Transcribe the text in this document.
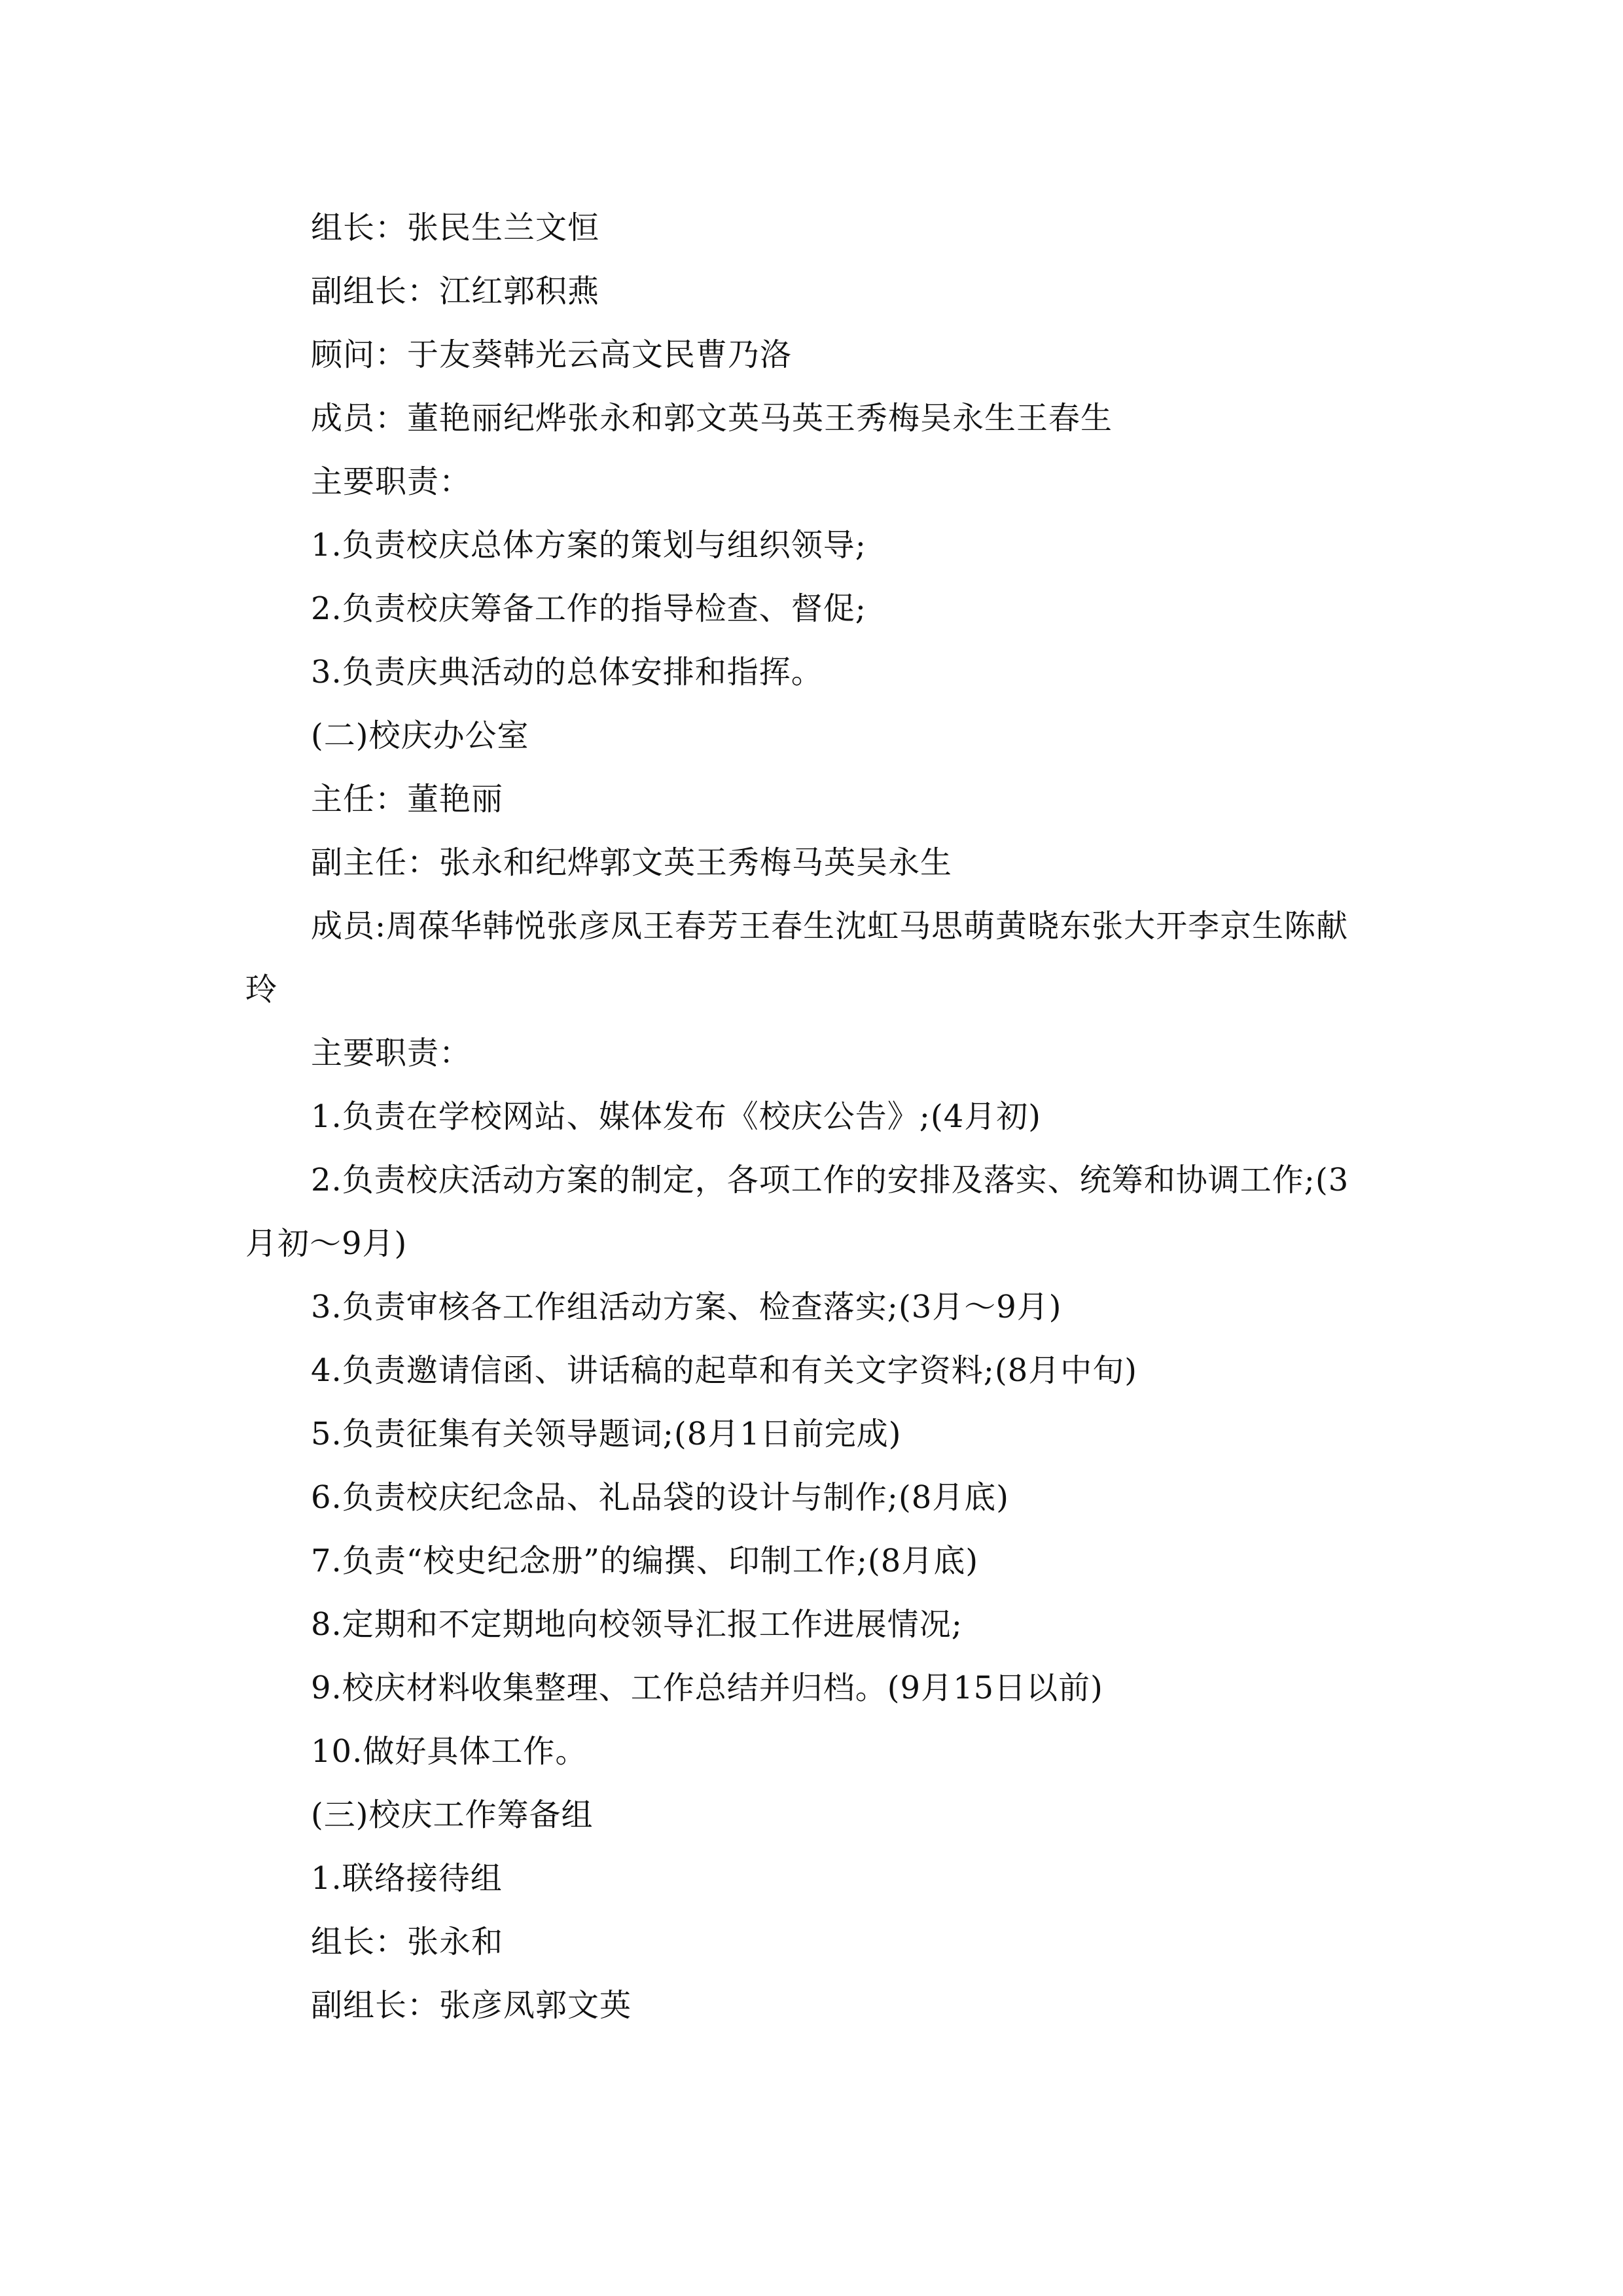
组长：张民生兰文恒

副组长：江红郭积燕

顾问：于友葵韩光云高文民曹乃洛

成员：董艳丽纪烨张永和郭文英马英王秀梅吴永生王春生

主要职责：

1.负责校庆总体方案的策划与组织领导;

2.负责校庆筹备工作的指导检查、督促;

3.负责庆典活动的总体安排和指挥。

(二)校庆办公室

主任：董艳丽

副主任：张永和纪烨郭文英王秀梅马英吴永生

成员:周葆华韩悦张彦凤王春芳王春生沈虹马思萌黄晓东张大开李京生陈献玲

主要职责：

1.负责在学校网站、媒体发布《校庆公告》;(4月初)

2.负责校庆活动方案的制定，各项工作的安排及落实、统筹和协调工作;(3月初～9月)

3.负责审核各工作组活动方案、检查落实;(3月～9月)

4.负责邀请信函、讲话稿的起草和有关文字资料;(8月中旬)

5.负责征集有关领导题词;(8月1日前完成)

6.负责校庆纪念品、礼品袋的设计与制作;(8月底)

7.负责“校史纪念册”的编撰、印制工作;(8月底)

8.定期和不定期地向校领导汇报工作进展情况;

9.校庆材料收集整理、工作总结并归档。(9月15日以前)

10.做好具体工作。

(三)校庆工作筹备组

1.联络接待组

组长：张永和

副组长：张彦凤郭文英
